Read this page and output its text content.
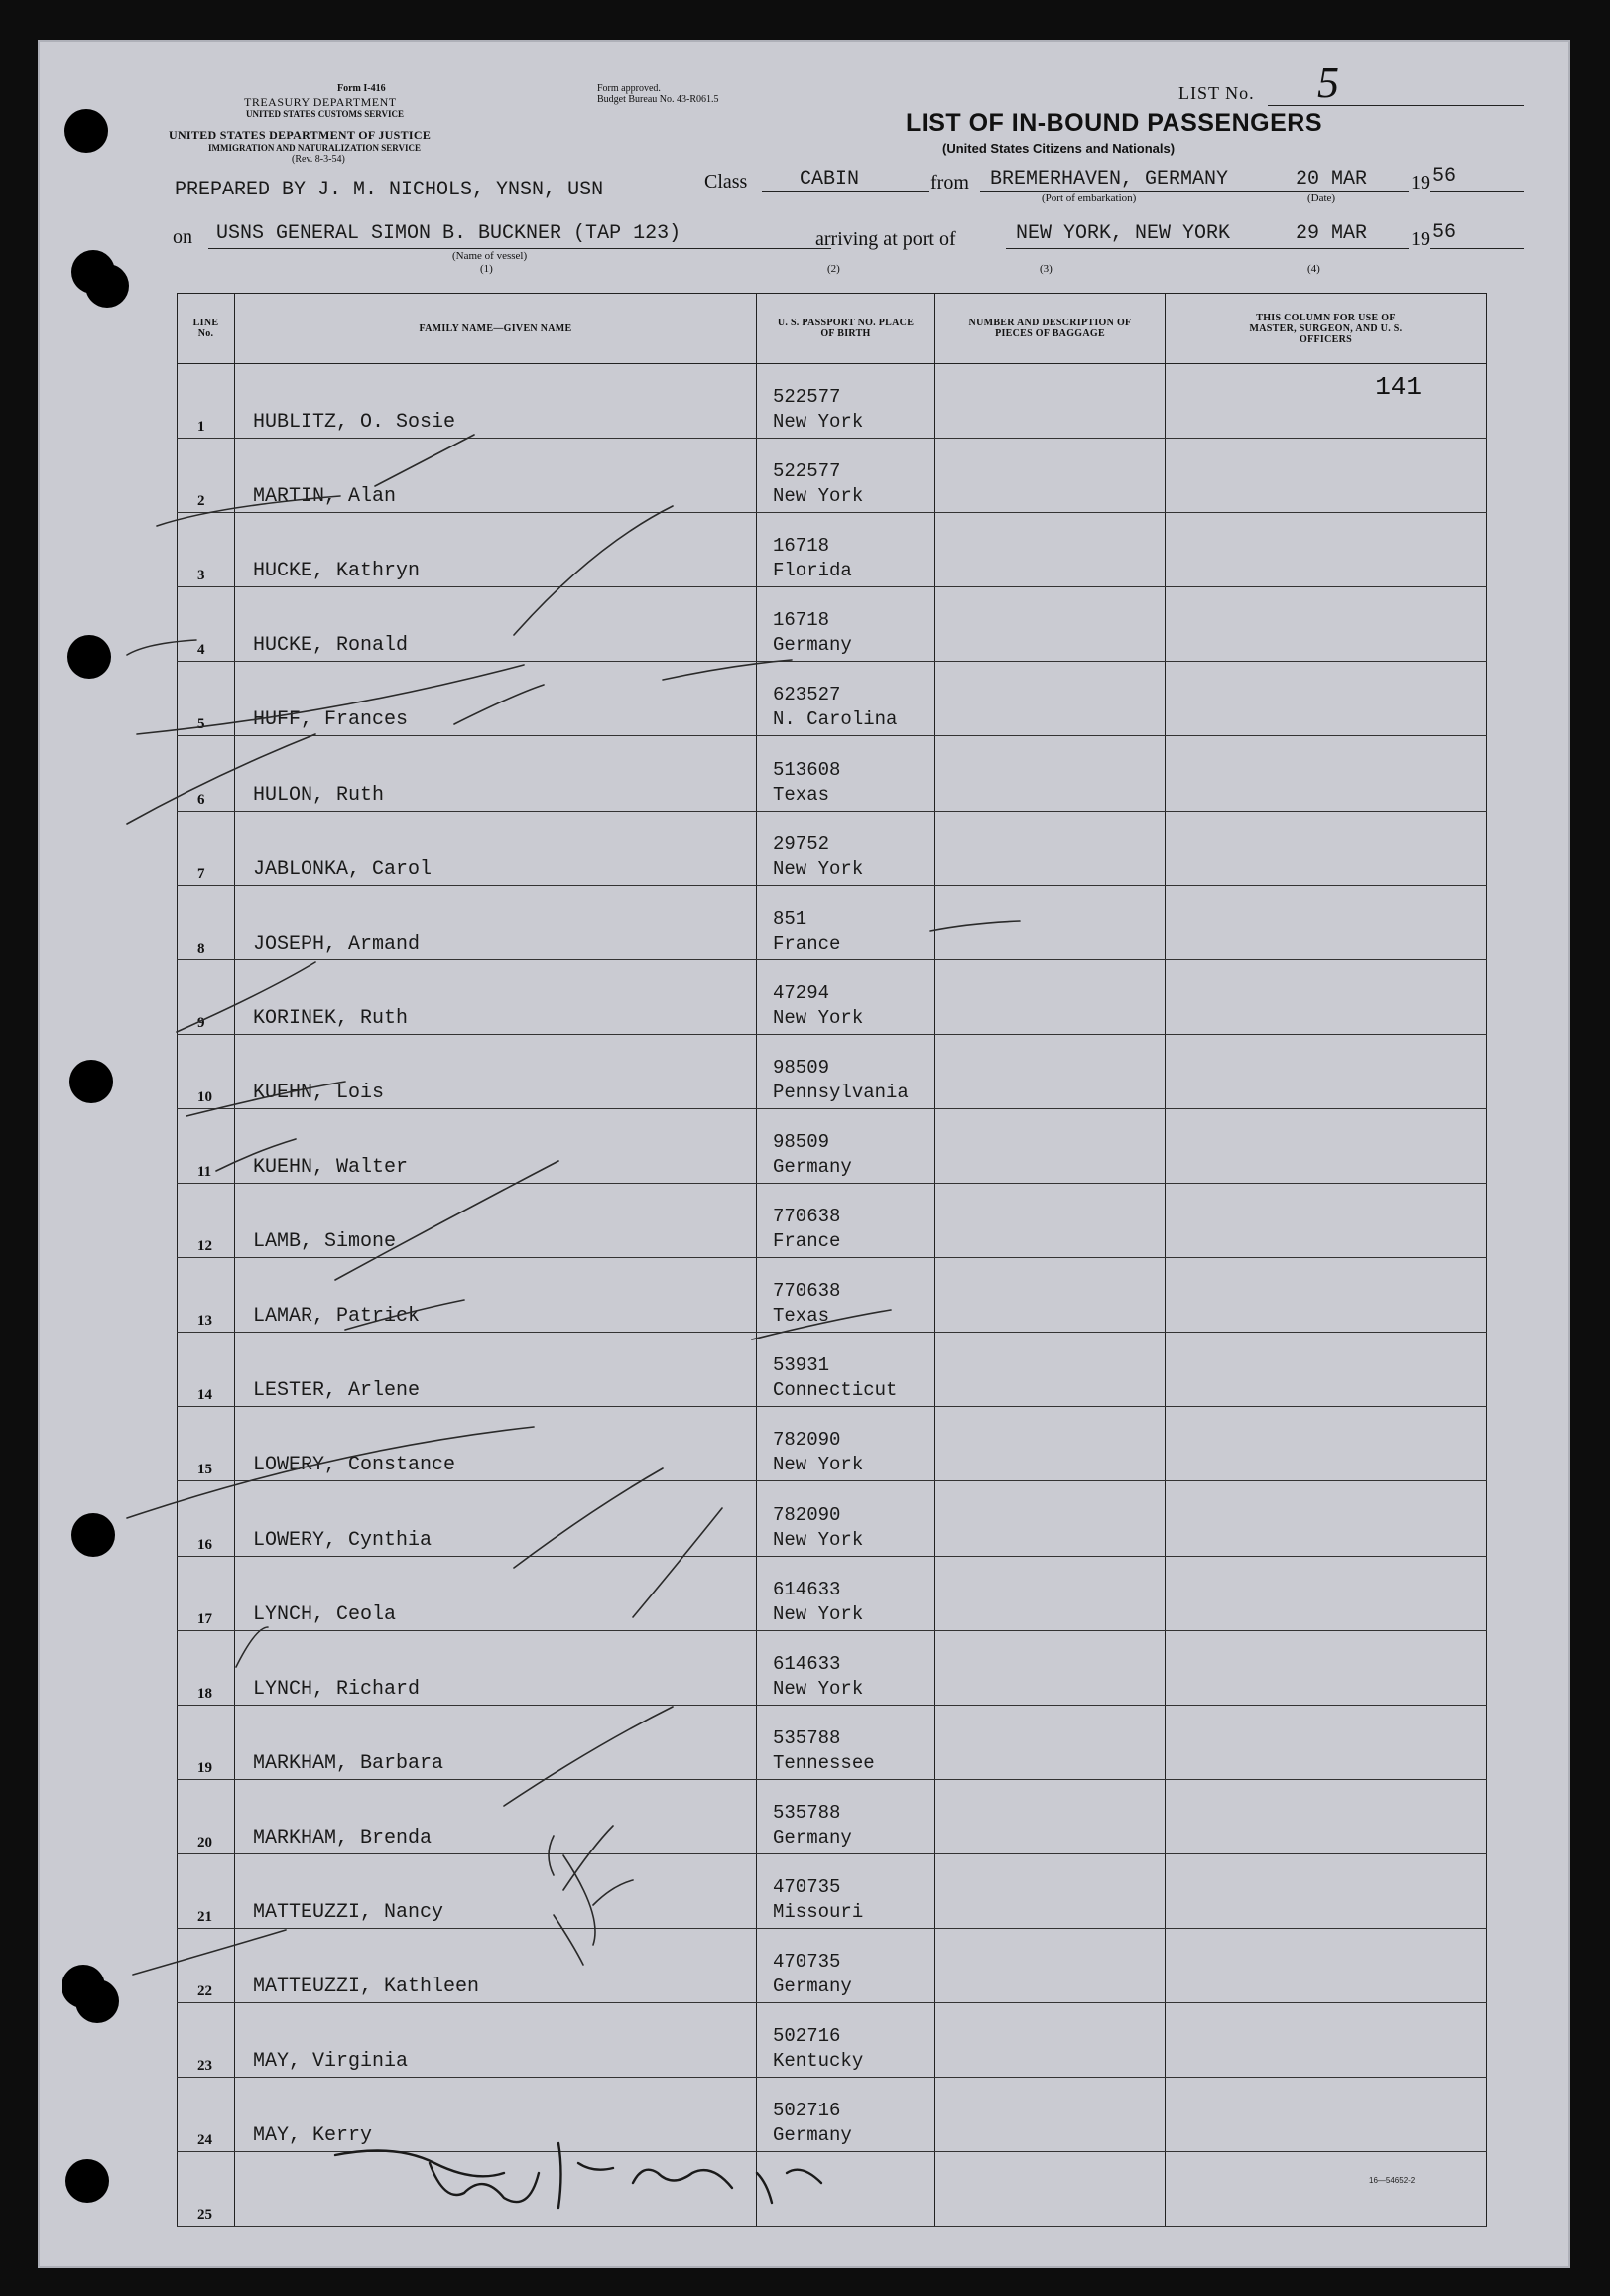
Form I-416
TREASURY DEPARTMENT
UNITED STATES CUSTOMS SERVICE
UNITED STATES DEPARTMENT OF JUSTICE
IMMIGRATION AND NATURALIZATION SERVICE
(Rev. 8-3-54)
Form approved.
Budget Bureau No. 43-R061.5	LIST No. 5
LIST OF IN-BOUND PASSENGERS
(United States Citizens and Nationals)
PREPARED BY J. M. NICHOLS, YNSN, USN	Class	CABIN	from BREMERHAVEN, GERMANY	20 MAR 19 56
(Port of embarkation)	(Date)
on USNS GENERAL SIMON B. BUCKNER (TAP 123)
(Name of vessel)
arriving at port of	NEW YORK, NEW YORK	29 MAR 19 56
(1)	(2)	(3)	(4)
LINE No.	FAMILY NAME—GIVEN NAME	U. S. PASSPORT NO. PLACE OF BIRTH	NUMBER AND DESCRIPTION OF PIECES OF BAGGAGE	THIS COLUMN FOR USE OF MASTER, SURGEON, AND U. S. OFFICERS

1	HUBLITZ, O. Sosie	522577
New York		141

2	MARTIN, Alan	522577
New York		

3	HUCKE, Kathryn	16718
Florida		

4	HUCKE, Ronald	16718
Germany		

5	HUFF, Frances	623527
N. Carolina		

6	HULON, Ruth	513608
Texas		

7	JABLONKA, Carol	29752
New York		

8	JOSEPH, Armand	851
France		

9	KORINEK, Ruth	47294
New York		

10	KUEHN, Lois	98509
Pennsylvania		

11	KUEHN, Walter	98509
Germany		

12	LAMB, Simone	770638
France		

13	LAMAR, Patrick	770638
Texas		

14	LESTER, Arlene	53931
Connecticut		

15	LOWERY, Constance	782090
New York		

16	LOWERY, Cynthia	782090
New York		

17	LYNCH, Ceola	614633
New York		

18	LYNCH, Richard	614633
New York		

19	MARKHAM, Barbara	535788
Tennessee		

20	MARKHAM, Brenda	535788
Germany		

21	MATTEUZZI, Nancy	470735
Missouri		

22	MATTEUZZI, Kathleen	470735
Germany		

23	MAY, Virginia	502716
Kentucky		

24	MAY, Kerry	502716
Germany		

25				

16—54652-2
